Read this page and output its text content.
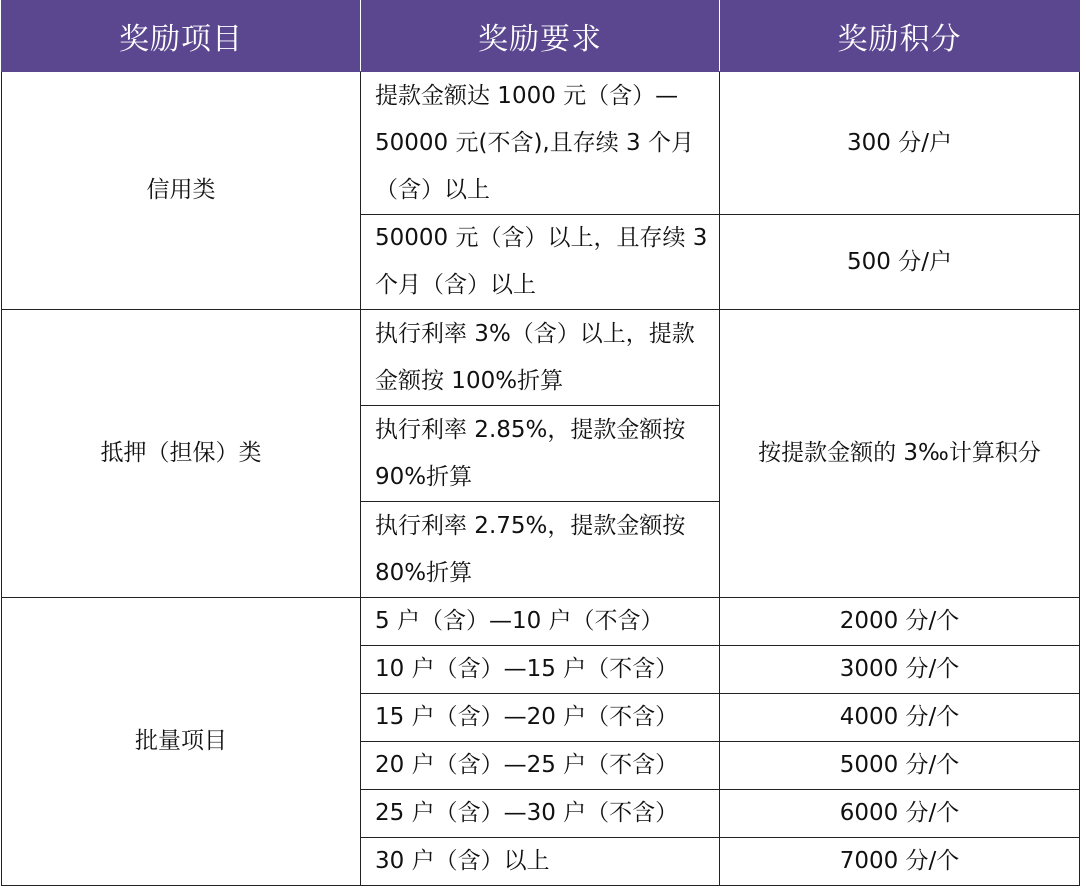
奖励项目	奖励要求	奖励积分
信用类	提款金额达 1000 元（含）—50000 元(不含),且存续 3 个月（含）以上	300 分/户
	50000 元（含）以上，且存续 3 个月（含）以上	500 分/户
抵押（担保）类	执行利率 3%（含）以上，提款金额按 100%折算	按提款金额的 3‰计算积分
	执行利率 2.85%，提款金额按 90%折算	
	执行利率 2.75%，提款金额按 80%折算	
批量项目	5 户（含）—10 户（不含）	2000 分/个
	10 户（含）—15 户（不含）	3000 分/个
	15 户（含）—20 户（不含）	4000 分/个
	20 户（含）—25 户（不含）	5000 分/个
	25 户（含）—30 户（不含）	6000 分/个
	30 户（含）以上	7000 分/个
